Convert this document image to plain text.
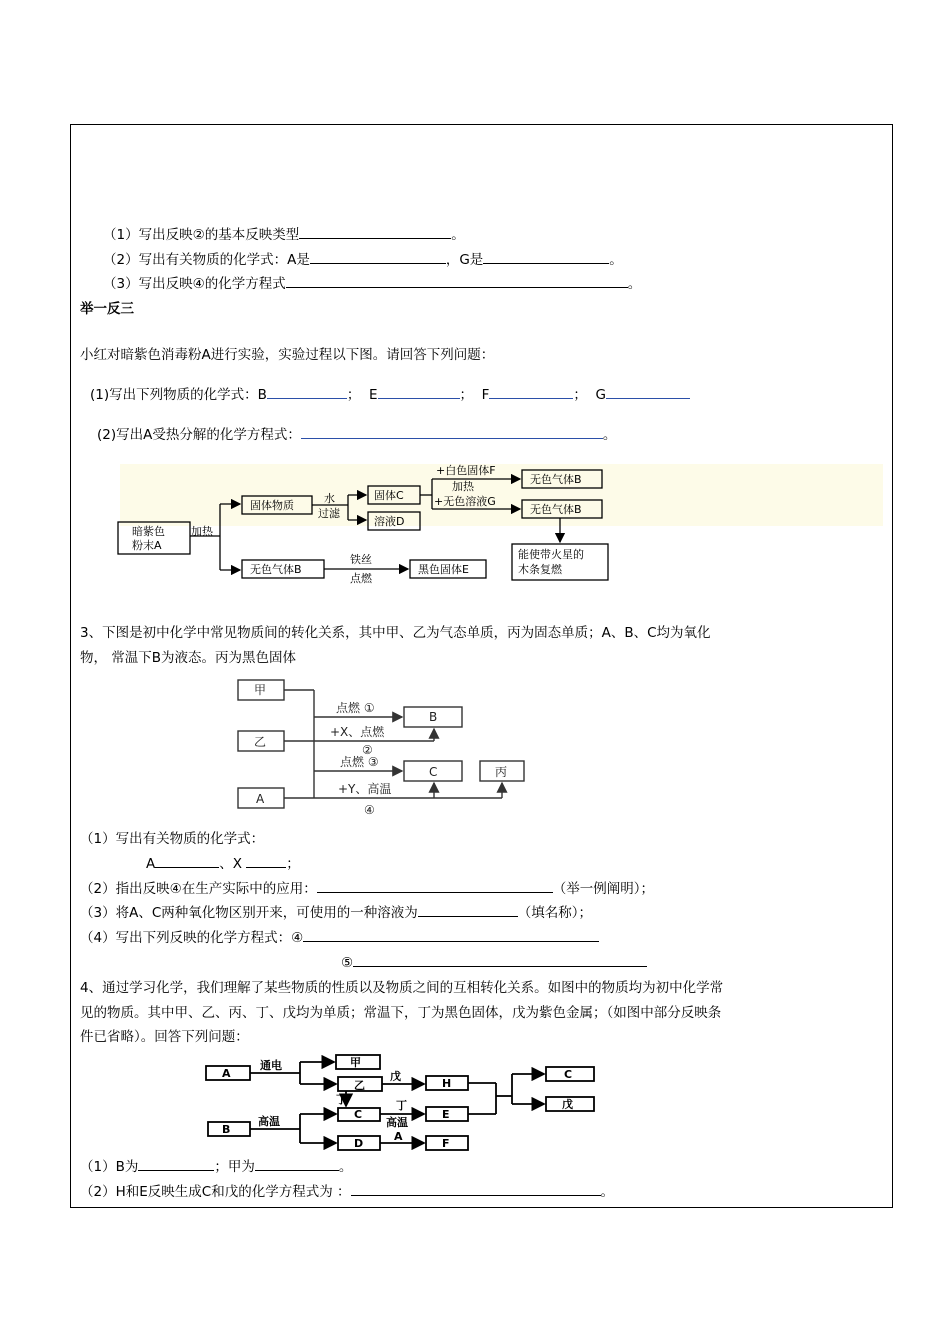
（1）写出反映②的基本反映类型	。
（2）写出有关物质的化学式：A是	，G是	。
（3）写出反映④的化学方程式	。
举一反三
小红对暗紫色消毒粉A进行实验，实验过程以下图。请回答下列问题：
(1)写出下列物质的化学式：B	； E	； F	； G
(2)写出A受热分解的化学方程式：	。
暗紫色
粉末A
加热
固体物质
水
过滤
固体C
溶液D
+白色固体F
加热
+无色溶液G
无色气体B
无色气体B
能使带火星的
木条复燃
无色气体B
铁丝
点燃
黑色固体E
3、下图是初中化学中常见物质间的转化关系，其中甲、乙为气态单质，丙为固态单质；A、B、C均为氧化
物， 常温下B为液态。丙为黑色固体
甲
乙
A
B
C	丙
点燃 ①
+X、点燃
②
点燃 ③
+Y、高温
④
（1）写出有关物质的化学式：
A	、X	；
（2）指出反映④在生产实际中的应用：	（举一例阐明）；
（3）将A、C两种氧化物区别开来，可使用的一种溶液为	（填名称）；
（4）写出下列反映的化学方程式：④
⑤
4、通过学习化学，我们理解了某些物质的性质以及物质之间的互相转化关系。如图中的物质均为初中化学常
见的物质。其中甲、乙、丙、丁、戊均为单质；常温下，丁为黑色固体，戊为紫色金属；（如图中部分反映条
件已省略）。回答下列问题：
A
B
通电
高温
甲
乙
戊
丁
H
C	E
丁
高温
D
A
F
C
戊
（1）B为	；甲为	。
（2）H和E反映生成C和戊的化学方程式为 ：	。
